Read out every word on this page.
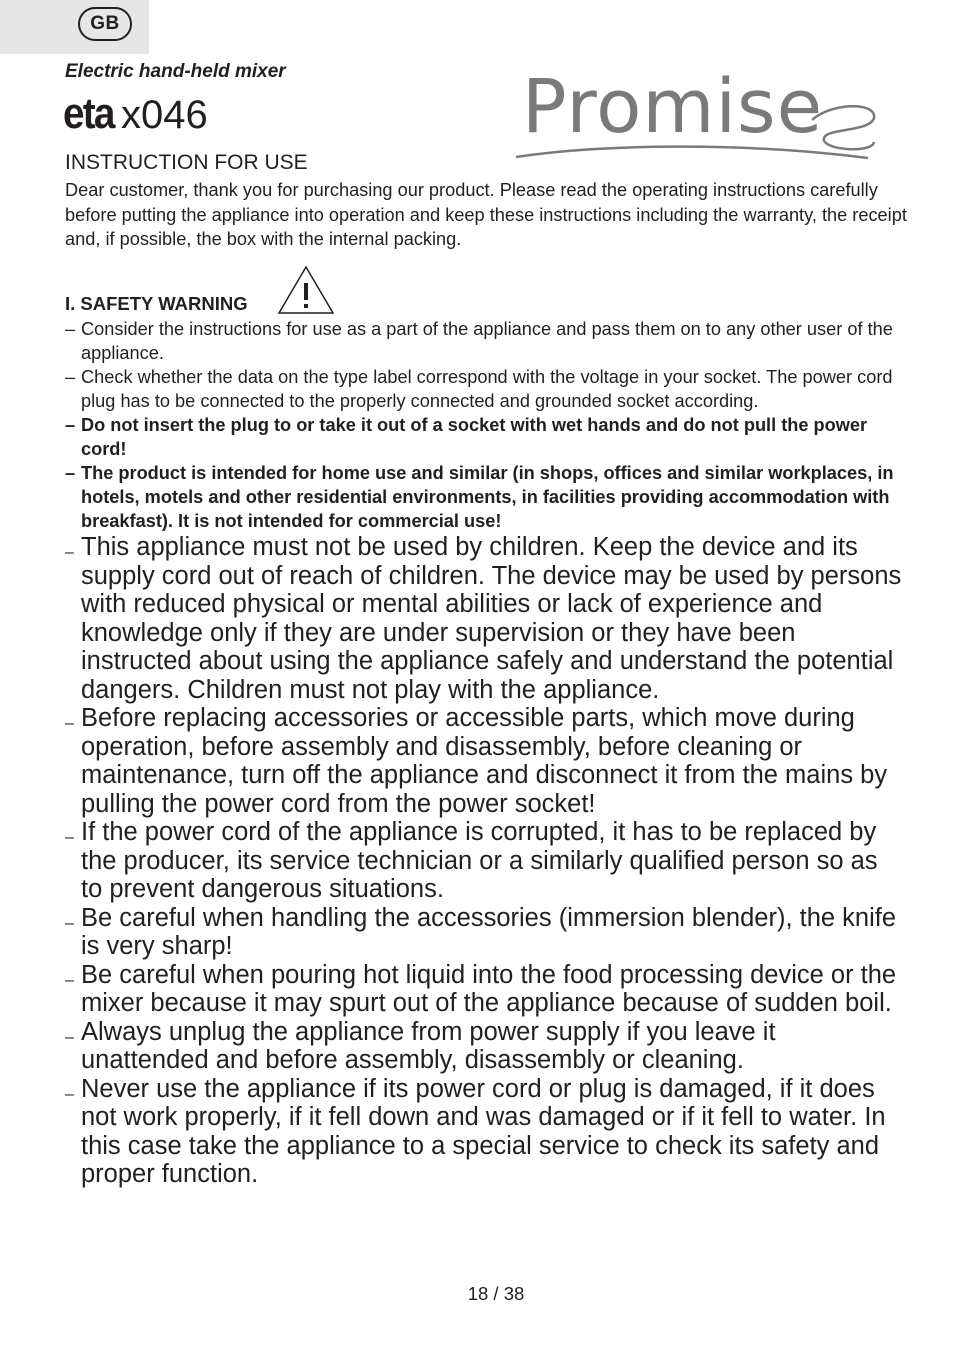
GB
Electric hand-held mixer
eta x046	Promise
INSTRUCTION FOR USE
Dear customer, thank you for purchasing our product. Please read the operating instructions carefully before putting the appliance into operation and keep these instructions including the warranty, the receipt and, if possible, the box with the internal packing.
I. SAFETY WARNING
– Consider the instructions for use as a part of the appliance and pass them on to any other user of the appliance.
– Check whether the data on the type label correspond with the voltage in your socket. The power cord plug has to be connected to the properly connected and grounded socket according.
– Do not insert the plug to or take it out of a socket with wet hands and do not pull the power cord!
– The product is intended for home use and similar (in shops, offices and similar workplaces, in hotels, motels and other residential environments, in facilities providing accommodation with breakfast). It is not intended for commercial use!
– This appliance must not be used by children. Keep the device and its supply cord out of reach of children. The device may be used by persons with reduced physical or mental abilities or lack of experience and knowledge only if they are under supervision or they have been instructed about using the appliance safely and understand the potential dangers. Children must not play with the appliance.
– Before replacing accessories or accessible parts, which move during operation, before assembly and disassembly, before cleaning or maintenance, turn off the appliance and disconnect it from the mains by pulling the power cord from the power socket!
– If the power cord of the appliance is corrupted, it has to be replaced by the producer, its service technician or a similarly qualified person so as to prevent dangerous situations.
– Be careful when handling the accessories (immersion blender), the knife is very sharp!
– Be careful when pouring hot liquid into the food processing device or the mixer because it may spurt out of the appliance because of sudden boil.
– Always unplug the appliance from power supply if you leave it unattended and before assembly, disassembly or cleaning.
– Never use the appliance if its power cord or plug is damaged, if it does not work properly, if it fell down and was damaged or if it fell to water. In this case take the appliance to a special service to check its safety and proper function.
18 / 38
